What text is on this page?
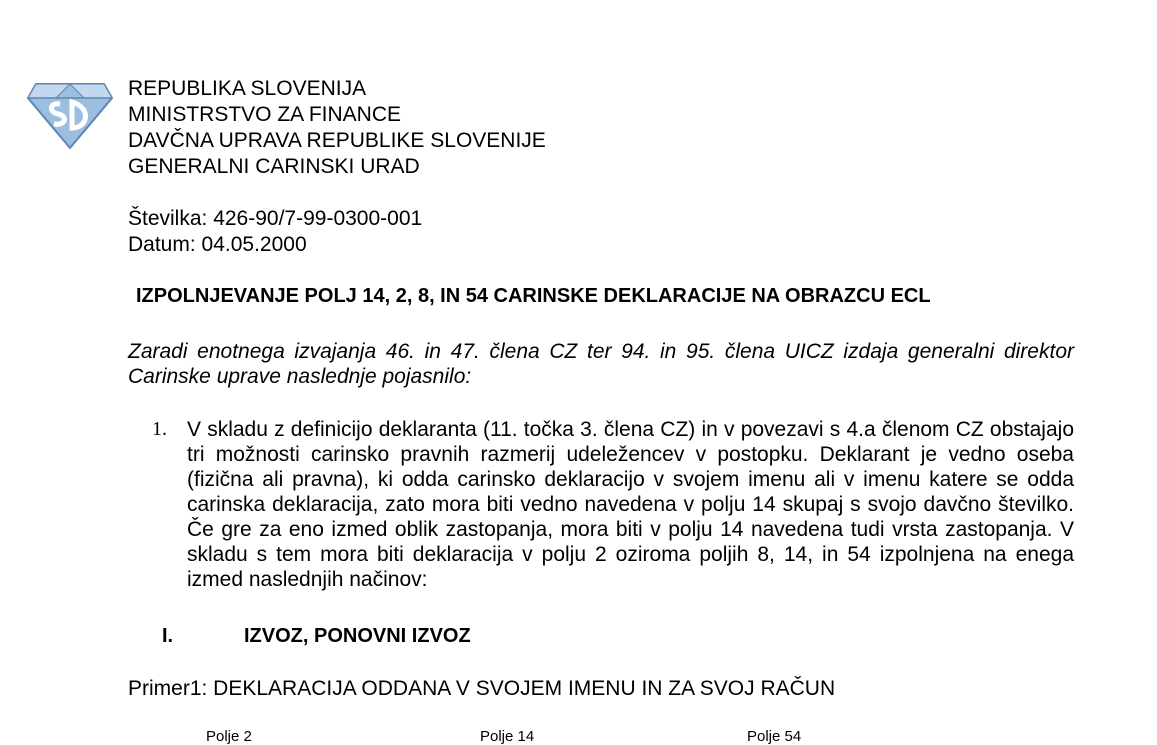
REPUBLIKA SLOVENIJA
MINISTRSTVO ZA FINANCE
DAVČNA UPRAVA REPUBLIKE SLOVENIJE
GENERALNI CARINSKI URAD
Številka: 426-90/7-99-0300-001
Datum: 04.05.2000
IZPOLNJEVANJE POLJ 14, 2, 8, IN 54 CARINSKE DEKLARACIJE NA OBRAZCU ECL
Zaradi enotnega izvajanja 46. in 47. člena CZ ter 94. in 95. člena UICZ izdaja generalni direktor Carinske uprave naslednje pojasnilo:
1. V skladu z definicijo deklaranta (11. točka 3. člena CZ) in v povezavi s 4.a členom CZ obstajajo tri možnosti carinsko pravnih razmerij udeležencev v postopku. Deklarant je vedno oseba (fizična ali pravna), ki odda carinsko deklaracijo v svojem imenu ali v imenu katere se odda carinska deklaracija, zato mora biti vedno navedena v polju 14 skupaj s svojo davčno številko. Če gre za eno izmed oblik zastopanja, mora biti v polju 14 navedena tudi vrsta zastopanja. V skladu s tem mora biti deklaracija v polju 2 oziroma poljih 8, 14, in 54 izpolnjena na enega izmed naslednjih načinov:
I.	IZVOZ, PONOVNI IZVOZ
Primer1: DEKLARACIJA ODDANA V SVOJEM IMENU IN ZA SVOJ RAČUN
Polje 2	Polje 14	Polje 54
